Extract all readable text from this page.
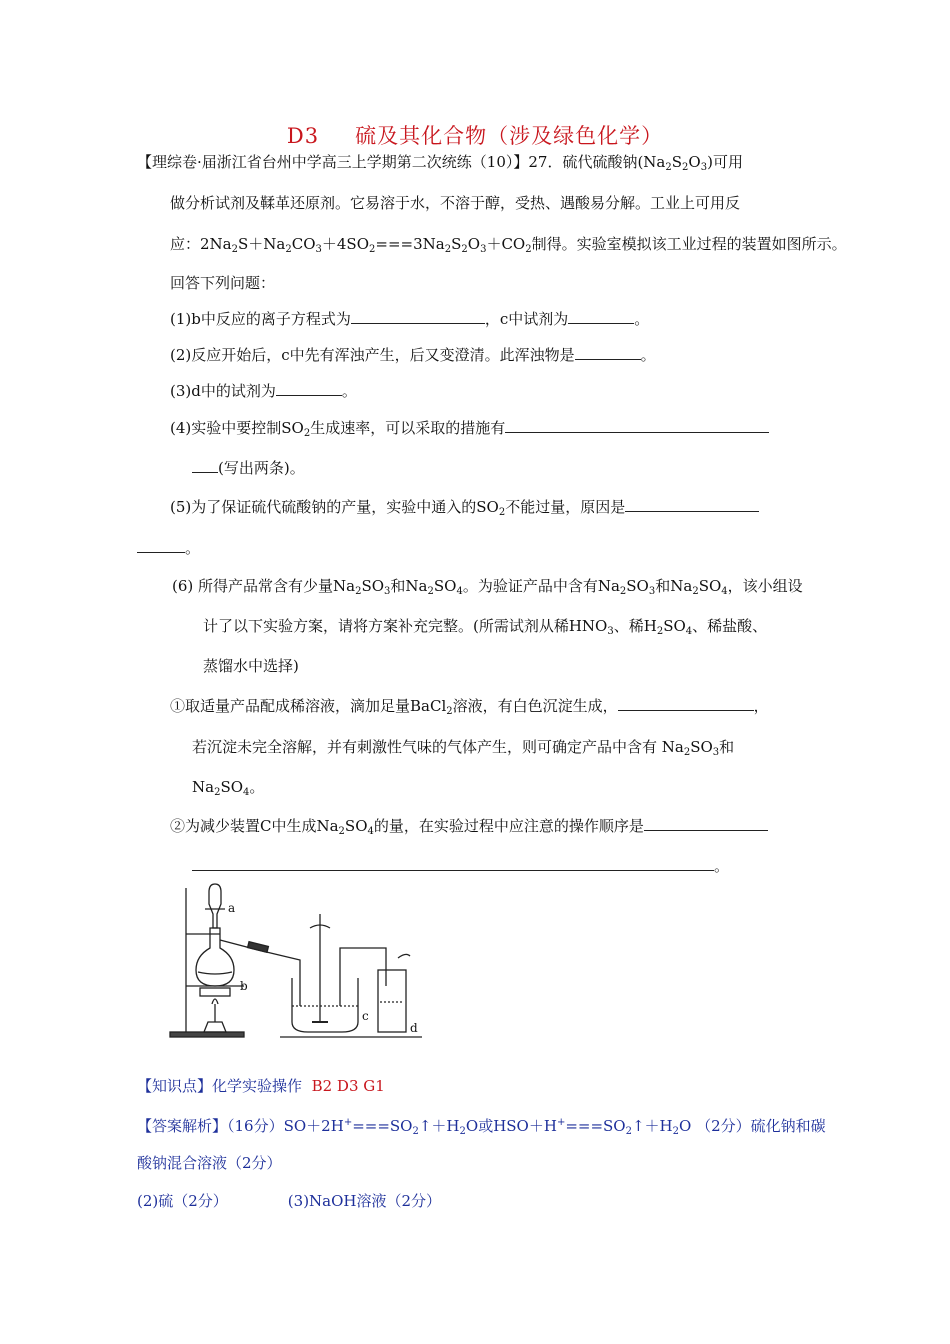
D3 硫及其化合物（涉及绿色化学）
【理综卷·届浙江省台州中学高三上学期第二次统练（10）】27．硫代硫酸钠$(Na_2S_2O_3)$可用
做分析试剂及鞣革还原剂。它易溶于水，不溶于醇，受热、遇酸易分解。工业上可用反
应：$2Na_2S+Na_2CO_3+4SO_2===3Na_2S_2O_3+CO_2$制得。实验室模拟该工业过程的装置如图所示。
回答下列问题：
(1)b中反应的离子方程式为	，c中试剂为	。
(2)反应开始后，c中先有浑浊产生，后又变澄清。此浑浊物是	。
(3)d中的试剂为	。
(4)实验中要控制$SO_2$生成速率，可以采取的措施有
(写出两条)。
(5)为了保证硫代硫酸钠的产量，实验中通入的$SO_2$不能过量，原因是
。
(6) 所得产品常含有少量$Na_2SO_3$和$Na_2SO_4$。为验证产品中含有$Na_2SO_3$和$Na_2SO_4$，该小组设
计了以下实验方案，请将方案补充完整。(所需试剂从稀$HNO_3$、稀$H_2SO_4$、稀盐酸、
蒸馏水中选择)
①取适量产品配成稀溶液，滴加足量BaCl$_2$溶液，有白色沉淀生成，	，
若沉淀未完全溶解，并有刺激性气味的气体产生，则可确定产品中含有 $Na_2SO_3$和
$Na_2SO_4$。
②为减少装置C中生成$Na_2SO_4$的量，在实验过程中应注意的操作顺序是
。
a
b
c
d
【知识点】化学实验操作 B2 D3 G1
【答案解析】（16分）$SO+2H^+===SO_2↑+H_2O$或$HSO+H^+===SO_2↑+H_2O$ （2分）硫化钠和碳
酸钠混合溶液（2分）
(2)硫（2分）	(3)NaOH溶液（2分）
